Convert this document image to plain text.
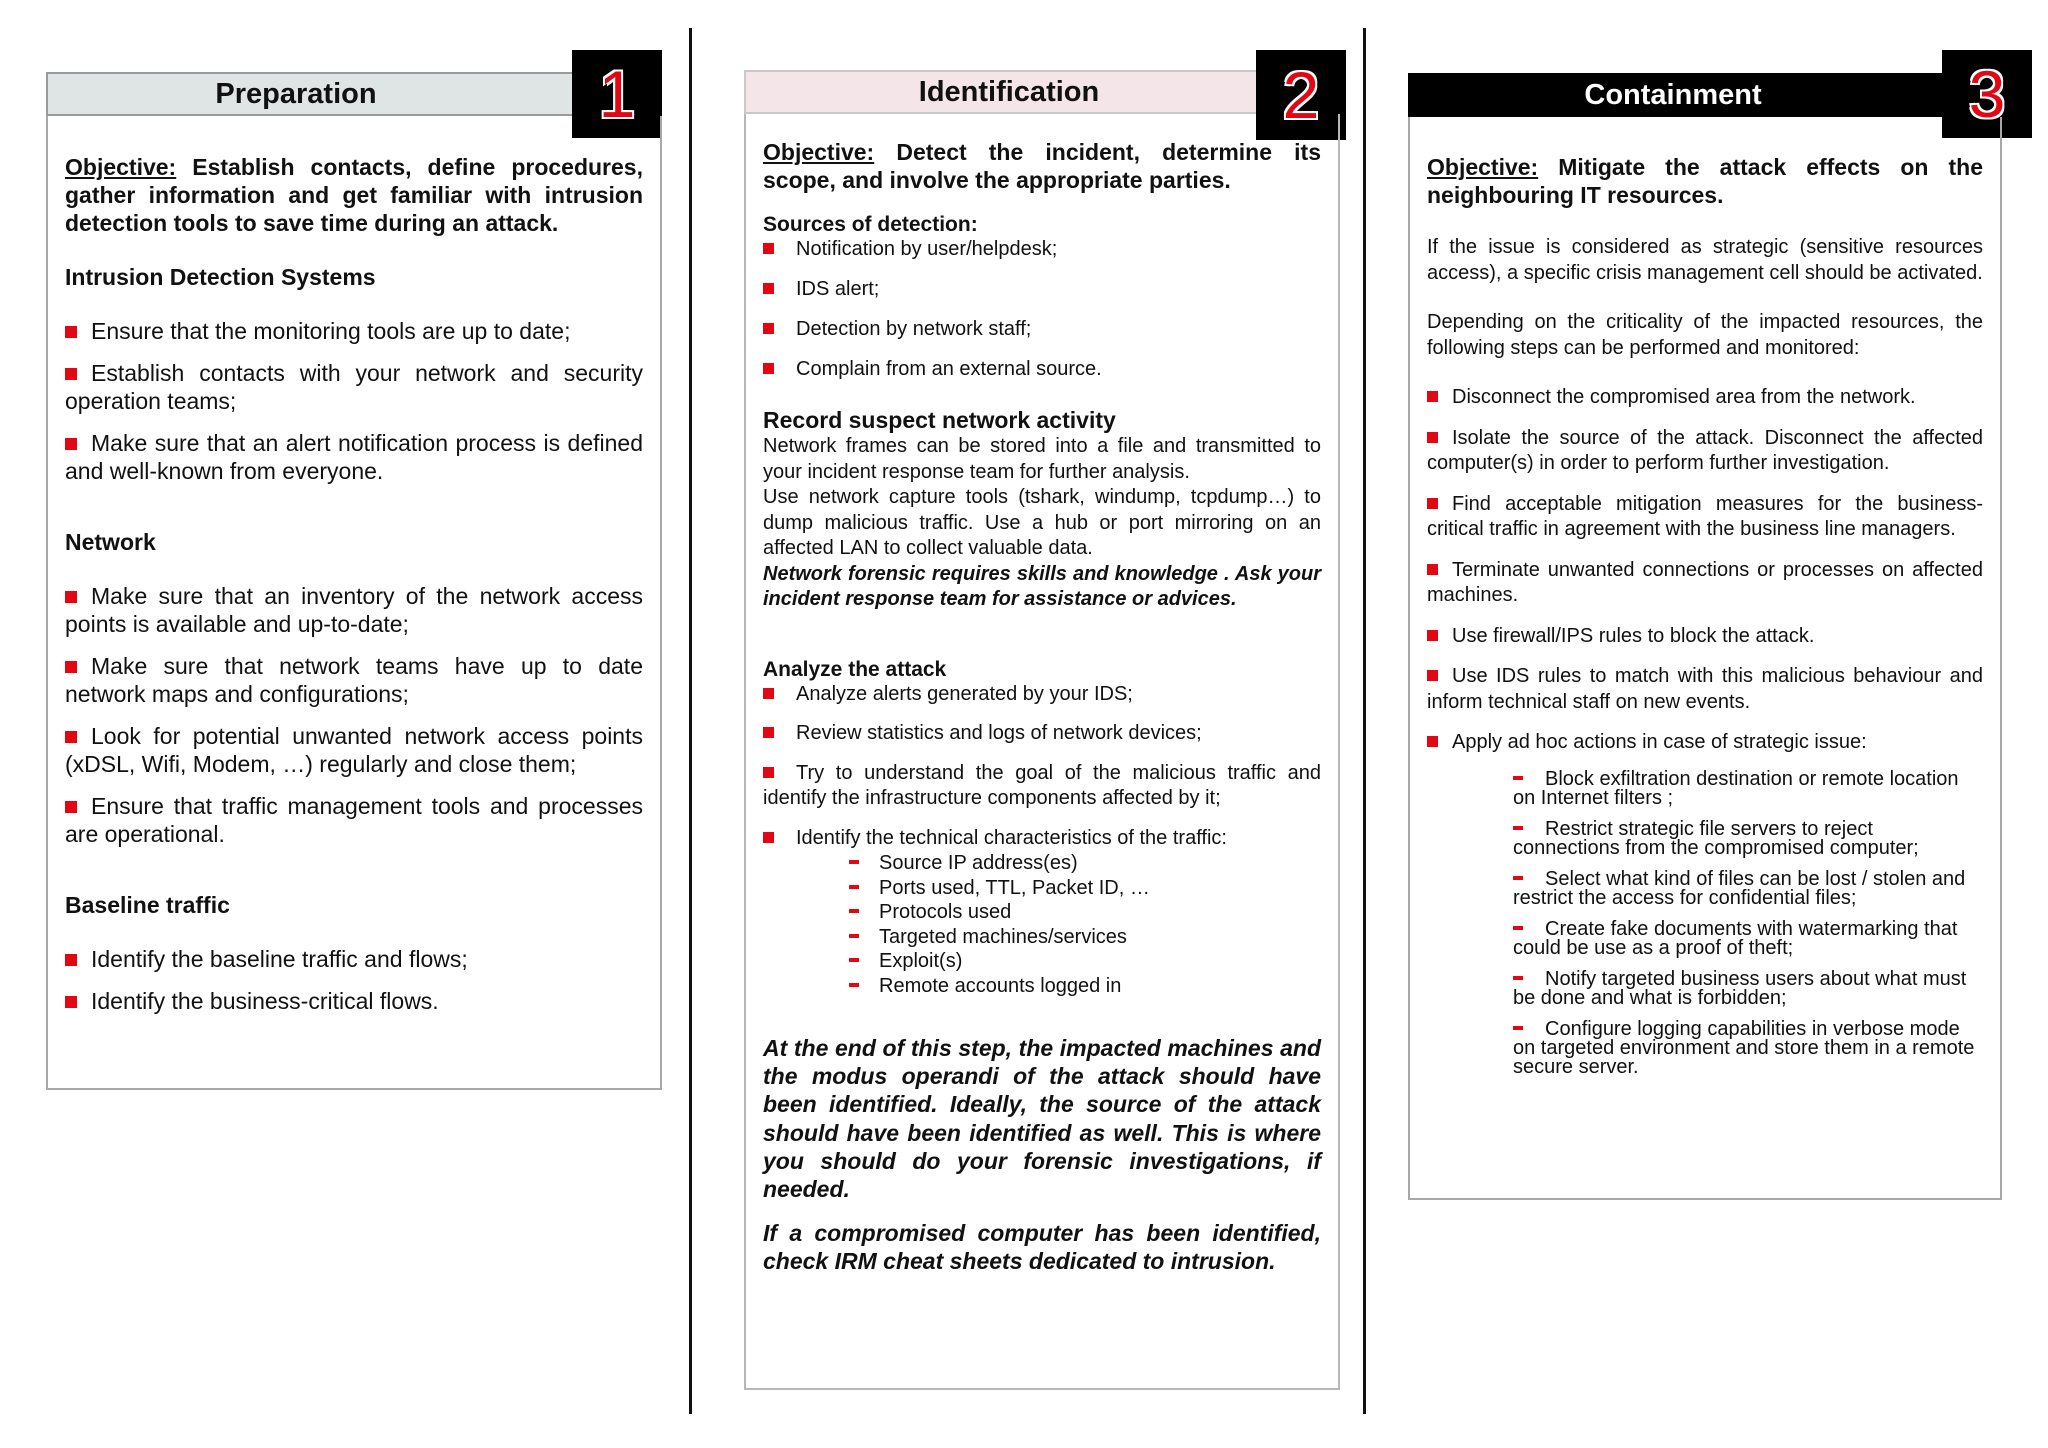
Preparation	1

Objective: Establish contacts, define procedures, gather information and get familiar with intrusion detection tools to save time during an attack.

Intrusion Detection Systems

Ensure that the monitoring tools are up to date;

Establish contacts with your network and security operation teams;

Make sure that an alert notification process is defined and well-known from everyone.

Network

Make sure that an inventory of the network access points is available and up-to-date;

Make sure that network teams have up to date network maps and configurations;

Look for potential unwanted network access points (xDSL, Wifi, Modem, …) regularly and close them;

Ensure that traffic management tools and processes are operational.

Baseline traffic

Identify the baseline traffic and flows;

Identify the business-critical flows.

Identification	2

Objective: Detect the incident, determine its scope, and involve the appropriate parties.

Sources of detection:

Notification by user/helpdesk;

IDS alert;

Detection by network staff;

Complain from an external source.

Record suspect network activity

Network frames can be stored into a file and transmitted to your incident response team for further analysis.

Use network capture tools (tshark, windump, tcpdump…) to dump malicious traffic. Use a hub or port mirroring on an affected LAN to collect valuable data.

Network forensic requires skills and knowledge . Ask your incident response team for assistance or advices.

Analyze the attack

Analyze alerts generated by your IDS;

Review statistics and logs of network devices;

Try to understand the goal of the malicious traffic and identify the infrastructure components affected by it;

Identify the technical characteristics of the traffic:

Source IP address(es)

Ports used, TTL, Packet ID, …

Protocols used

Targeted machines/services

Exploit(s)

Remote accounts logged in

At the end of this step, the impacted machines and the modus operandi of the attack should have been identified. Ideally, the source of the attack should have been identified as well. This is where you should do your forensic investigations, if needed.

If a compromised computer has been identified, check IRM cheat sheets dedicated to intrusion.

Containment	3

Objective: Mitigate the attack effects on the neighbouring IT resources.

If the issue is considered as strategic (sensitive resources access), a specific crisis management cell should be activated.

Depending on the criticality of the impacted resources, the following steps can be performed and monitored:

Disconnect the compromised area from the network.

Isolate the source of the attack. Disconnect the affected computer(s) in order to perform further investigation.

Find acceptable mitigation measures for the business-critical traffic in agreement with the business line managers.

Terminate unwanted connections or processes on affected machines.

Use firewall/IPS rules to block the attack.

Use IDS rules to match with this malicious behaviour and inform technical staff on new events.

Apply ad hoc actions in case of strategic issue:

Block exfiltration destination or remote location on Internet filters ;

Restrict strategic file servers to reject connections from the compromised computer;

Select what kind of files can be lost / stolen and restrict the access for confidential files;

Create fake documents with watermarking that could be use as a proof of theft;

Notify targeted business users about what must be done and what is forbidden;

Configure logging capabilities in verbose mode on targeted environment and store them in a remote secure server.
